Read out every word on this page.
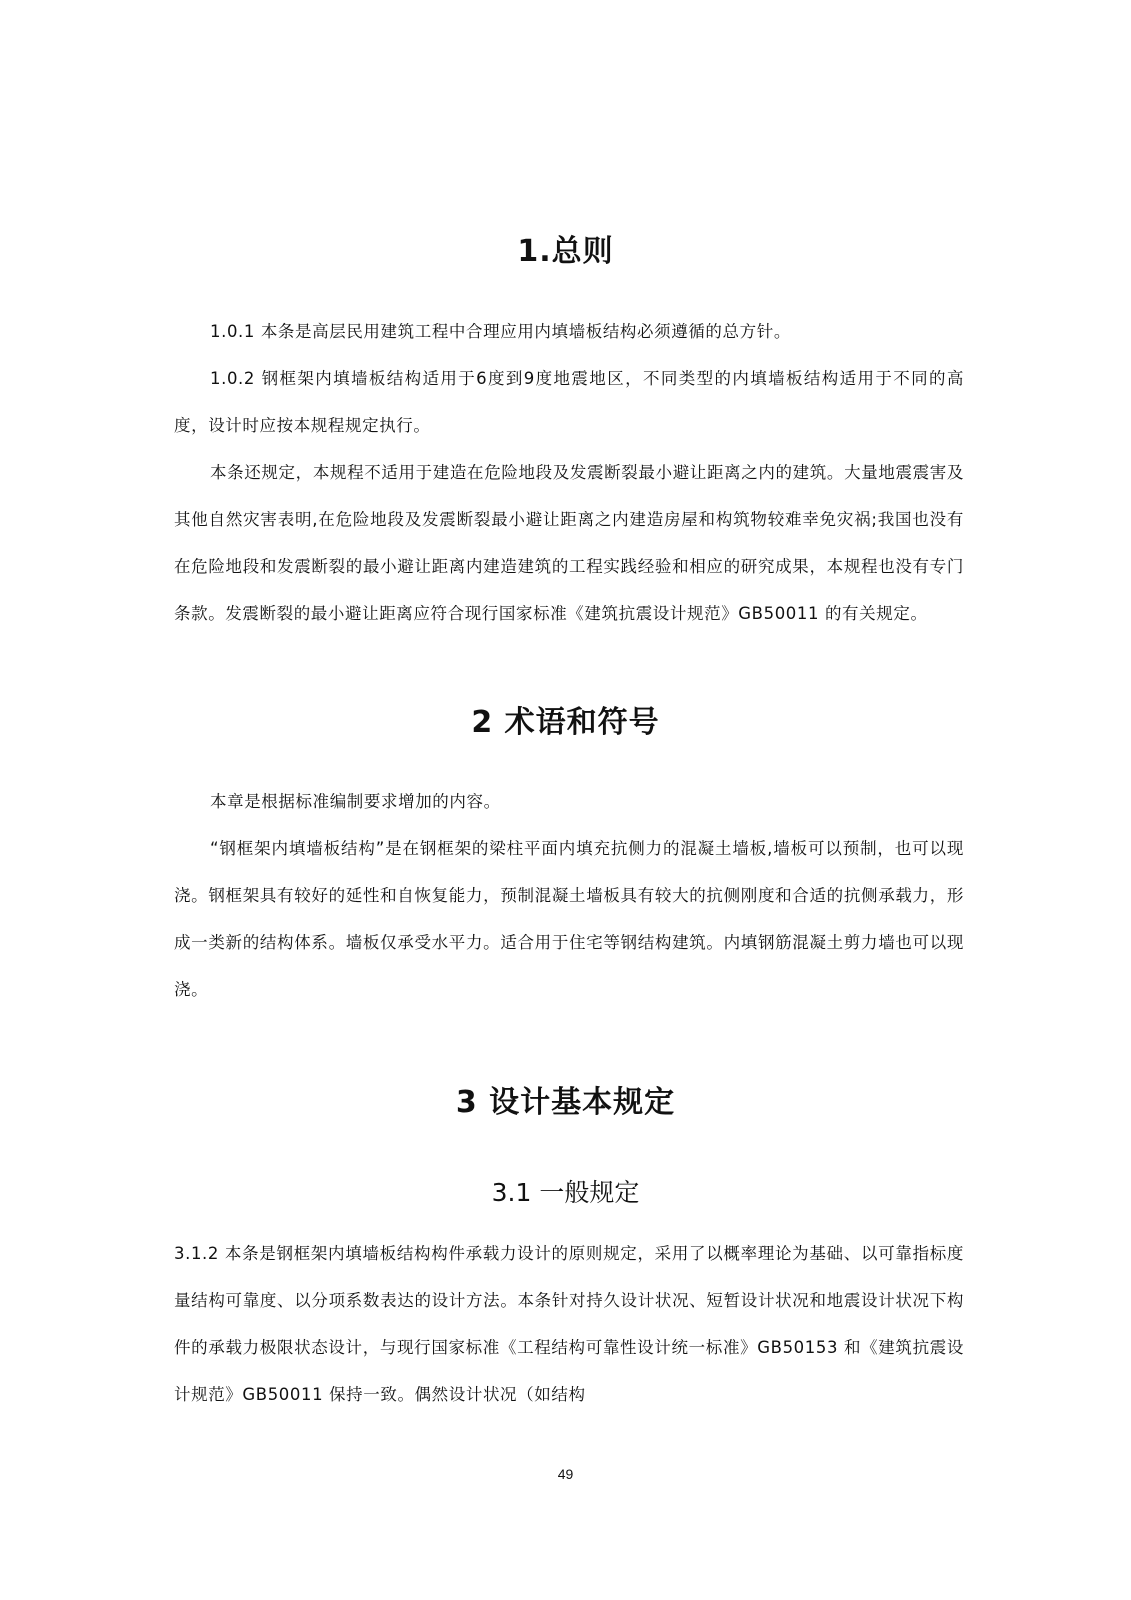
1.总则

1.0.1 本条是高层民用建筑工程中合理应用内填墙板结构必须遵循的总方针。

1.0.2 钢框架内填墙板结构适用于6度到9度地震地区，不同类型的内填墙板结构适用于不同的高度，设计时应按本规程规定执行。

本条还规定，本规程不适用于建造在危险地段及发震断裂最小避让距离之内的建筑。大量地震震害及其他自然灾害表明,在危险地段及发震断裂最小避让距离之内建造房屋和构筑物较难幸免灾祸;我国也没有在危险地段和发震断裂的最小避让距离内建造建筑的工程实践经验和相应的研究成果，本规程也没有专门条款。发震断裂的最小避让距离应符合现行国家标准《建筑抗震设计规范》GB50011 的有关规定。

2 术语和符号

本章是根据标准编制要求增加的内容。

“钢框架内填墙板结构”是在钢框架的梁柱平面内填充抗侧力的混凝土墙板,墙板可以预制，也可以现浇。钢框架具有较好的延性和自恢复能力，预制混凝土墙板具有较大的抗侧刚度和合适的抗侧承载力，形成一类新的结构体系。墙板仅承受水平力。适合用于住宅等钢结构建筑。内填钢筋混凝土剪力墙也可以现浇。

3 设计基本规定
3.1 一般规定

3.1.2 本条是钢框架内填墙板结构构件承载力设计的原则规定，采用了以概率理论为基础、以可靠指标度量结构可靠度、以分项系数表达的设计方法。本条针对持久设计状况、短暂设计状况和地震设计状况下构件的承载力极限状态设计，与现行国家标准《工程结构可靠性设计统一标准》GB50153 和《建筑抗震设计规范》GB50011 保持一致。偶然设计状况（如结构

49
